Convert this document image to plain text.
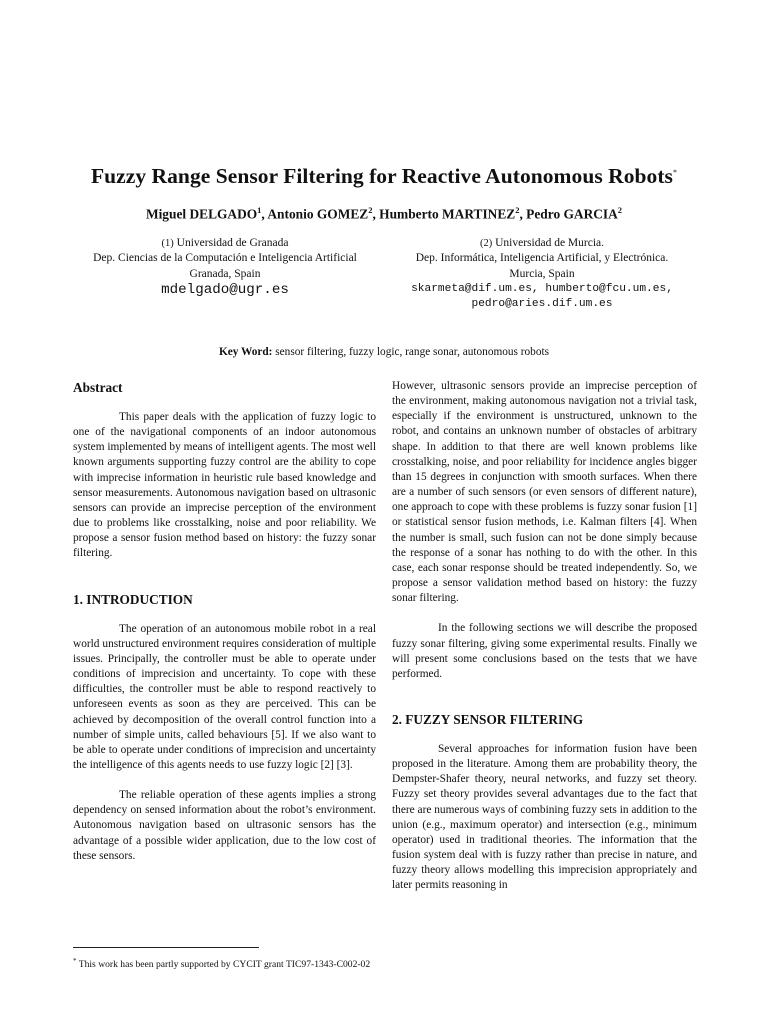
Fuzzy Range Sensor Filtering for Reactive Autonomous Robots*
Miguel DELGADO$^1$, Antonio GOMEZ$^2$, Humberto MARTINEZ$^2$, Pedro GARCIA$^2$
(1) Universidad de Granada
Dep. Ciencias de la Computación e Inteligencia Artificial
Granada, Spain
mdelgado@ugr.es
(2) Universidad de Murcia.
Dep. Informática, Inteligencia Artificial, y Electrónica.
Murcia, Spain
skarmeta@dif.um.es, humberto@fcu.um.es,
pedro@aries.dif.um.es
Key Word: sensor filtering, fuzzy logic, range sonar, autonomous robots
Abstract

This paper deals with the application of fuzzy logic to one of the navigational components of an indoor autonomous system implemented by means of intelligent agents. The most well known arguments supporting fuzzy control are the ability to cope with imprecise information in heuristic rule based knowledge and sensor measurements. Autonomous navigation based on ultrasonic sensors can provide an imprecise perception of the environment due to problems like crosstalking, noise and poor reliability. We propose a sensor fusion method based on history: the fuzzy sonar filtering.

1. INTRODUCTION

The operation of an autonomous mobile robot in a real world unstructured environment requires consideration of multiple issues. Principally, the controller must be able to operate under conditions of imprecision and uncertainty. To cope with these difficulties, the controller must be able to respond reactively to unforeseen events as soon as they are perceived. This can be achieved by decomposition of the overall control function into a number of simple units, called behaviours [5]. If we also want to be able to operate under conditions of imprecision and uncertainty the intelligence of this agents needs to use fuzzy logic [2] [3].

The reliable operation of these agents implies a strong dependency on sensed information about the robot’s environment. Autonomous navigation based on ultrasonic sensors has the advantage of a possible wider application, due to the low cost of these sensors.

However, ultrasonic sensors provide an imprecise perception of the environment, making autonomous navigation not a trivial task, especially if the environment is unstructured, unknown to the robot, and contains an unknown number of obstacles of arbitrary shape. In addition to that there are well known problems like crosstalking, noise, and poor reliability for incidence angles bigger than 15 degrees in conjunction with smooth surfaces. When there are a number of such sensors (or even sensors of different nature), one approach to cope with these problems is fuzzy sonar fusion [1] or statistical sensor fusion methods, i.e. Kalman filters [4]. When the number is small, such fusion can not be done simply because the response of a sonar has nothing to do with the other. In this case, each sonar response should be treated independently. So, we propose a sensor validation method based on history: the fuzzy sonar filtering.

In the following sections we will describe the proposed fuzzy sonar filtering, giving some experimental results. Finally we will present some conclusions based on the tests that we have performed.

2. FUZZY SENSOR FILTERING

Several approaches for information fusion have been proposed in the literature. Among them are probability theory, the Dempster-Shafer theory, neural networks, and fuzzy set theory. Fuzzy set theory provides several advantages due to the fact that there are numerous ways of combining fuzzy sets in addition to the union (e.g., maximum operator) and intersection (e.g., minimum operator) used in traditional theories. The information that the fusion system deal with is fuzzy rather than precise in nature, and fuzzy theory allows modelling this imprecision appropriately and later permits reasoning in

* This work has been partly supported by CYCIT grant TIC97-1343-C002-02
